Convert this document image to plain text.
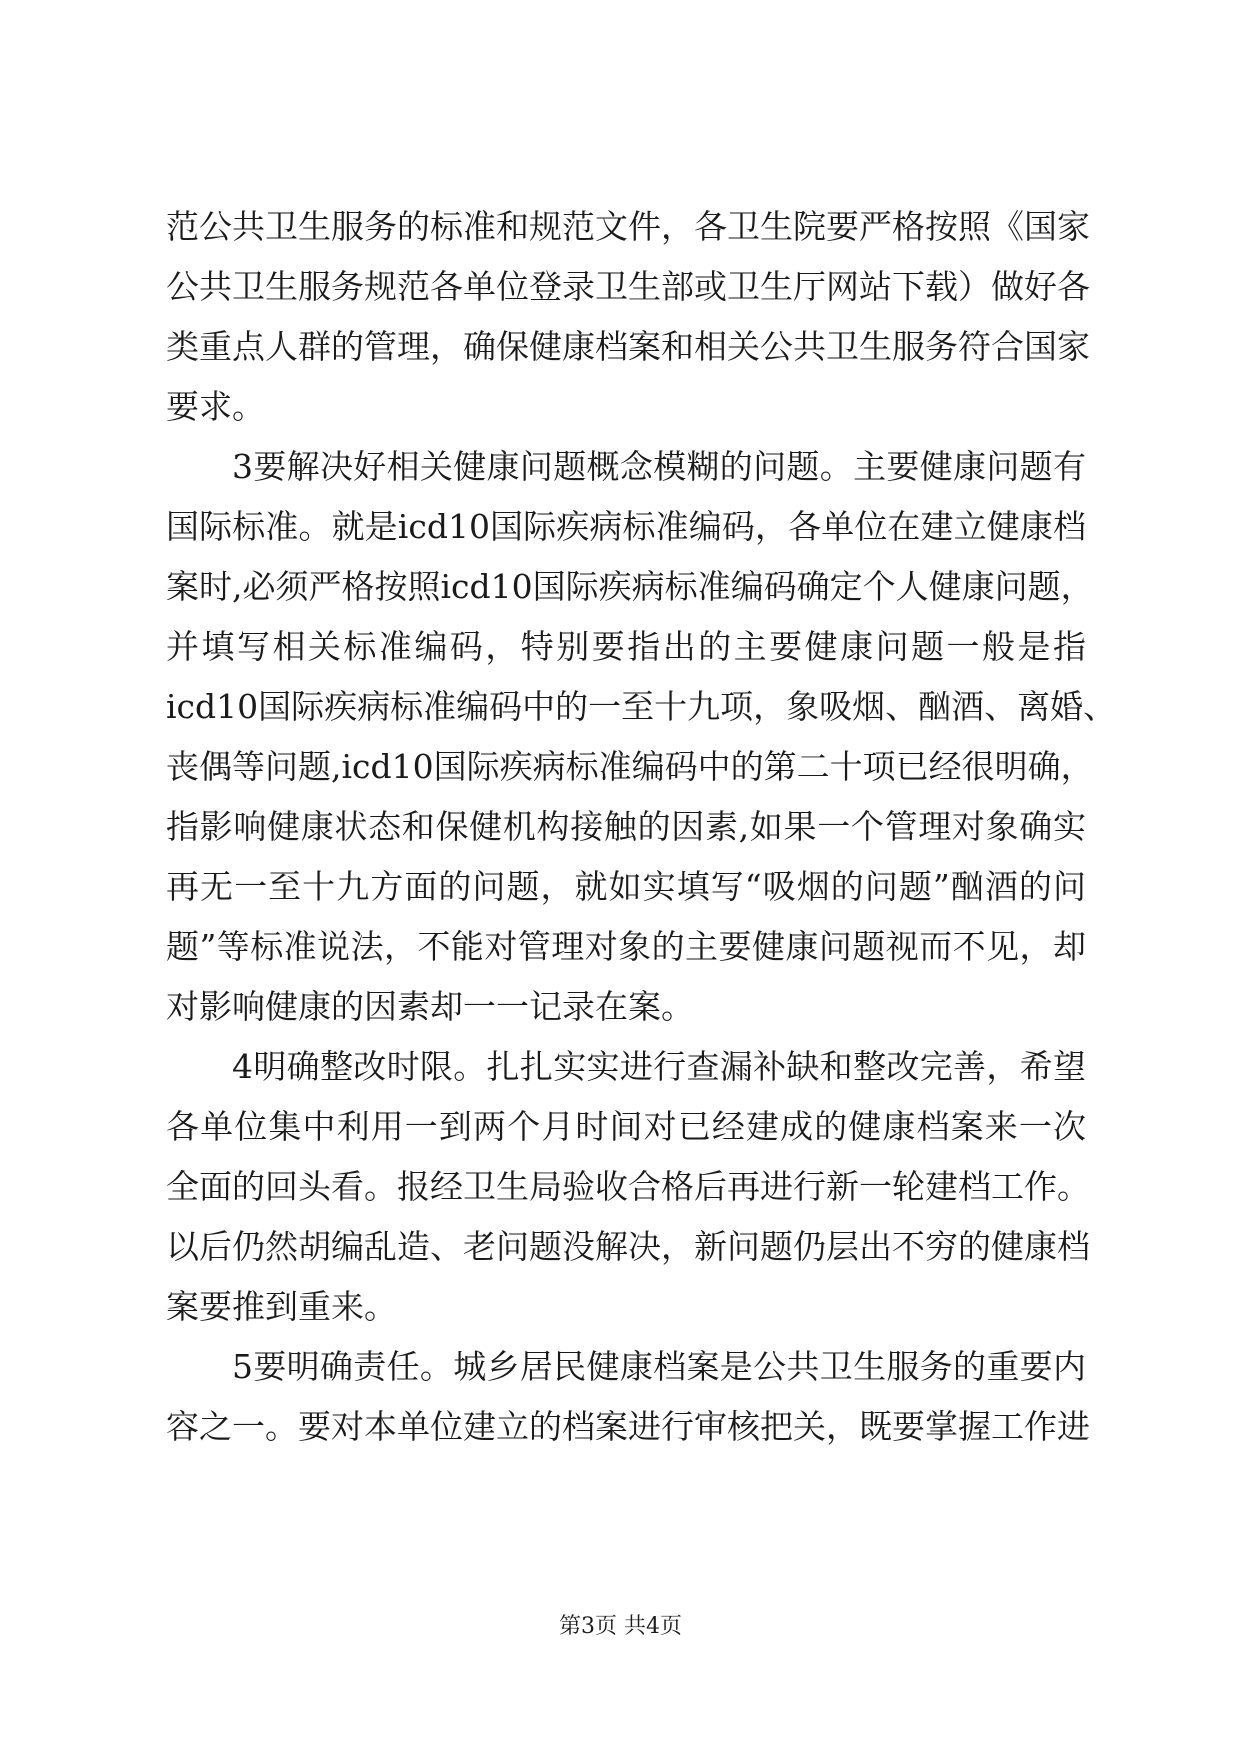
范公共卫生服务的标准和规范文件，各卫生院要严格按照《国家
公共卫生服务规范各单位登录卫生部或卫生厅网站下载）做好各
类重点人群的管理，确保健康档案和相关公共卫生服务符合国家
要求。
3要解决好相关健康问题概念模糊的问题。主要健康问题有
国际标准。就是icd10国际疾病标准编码，各单位在建立健康档
案时,必须严格按照icd10国际疾病标准编码确定个人健康问题，
并填写相关标准编码，特别要指出的主要健康问题一般是指
icd10国际疾病标准编码中的一至十九项，象吸烟、酗酒、离婚、
丧偶等问题,icd10国际疾病标准编码中的第二十项已经很明确，
指影响健康状态和保健机构接触的因素,如果一个管理对象确实
再无一至十九方面的问题，就如实填写“吸烟的问题”酗酒的问
题”等标准说法，不能对管理对象的主要健康问题视而不见，却
对影响健康的因素却一一记录在案。
4明确整改时限。扎扎实实进行查漏补缺和整改完善，希望
各单位集中利用一到两个月时间对已经建成的健康档案来一次
全面的回头看。报经卫生局验收合格后再进行新一轮建档工作。
以后仍然胡编乱造、老问题没解决，新问题仍层出不穷的健康档
案要推到重来。
5要明确责任。城乡居民健康档案是公共卫生服务的重要内
容之一。要对本单位建立的档案进行审核把关，既要掌握工作进
第3页 共4页
